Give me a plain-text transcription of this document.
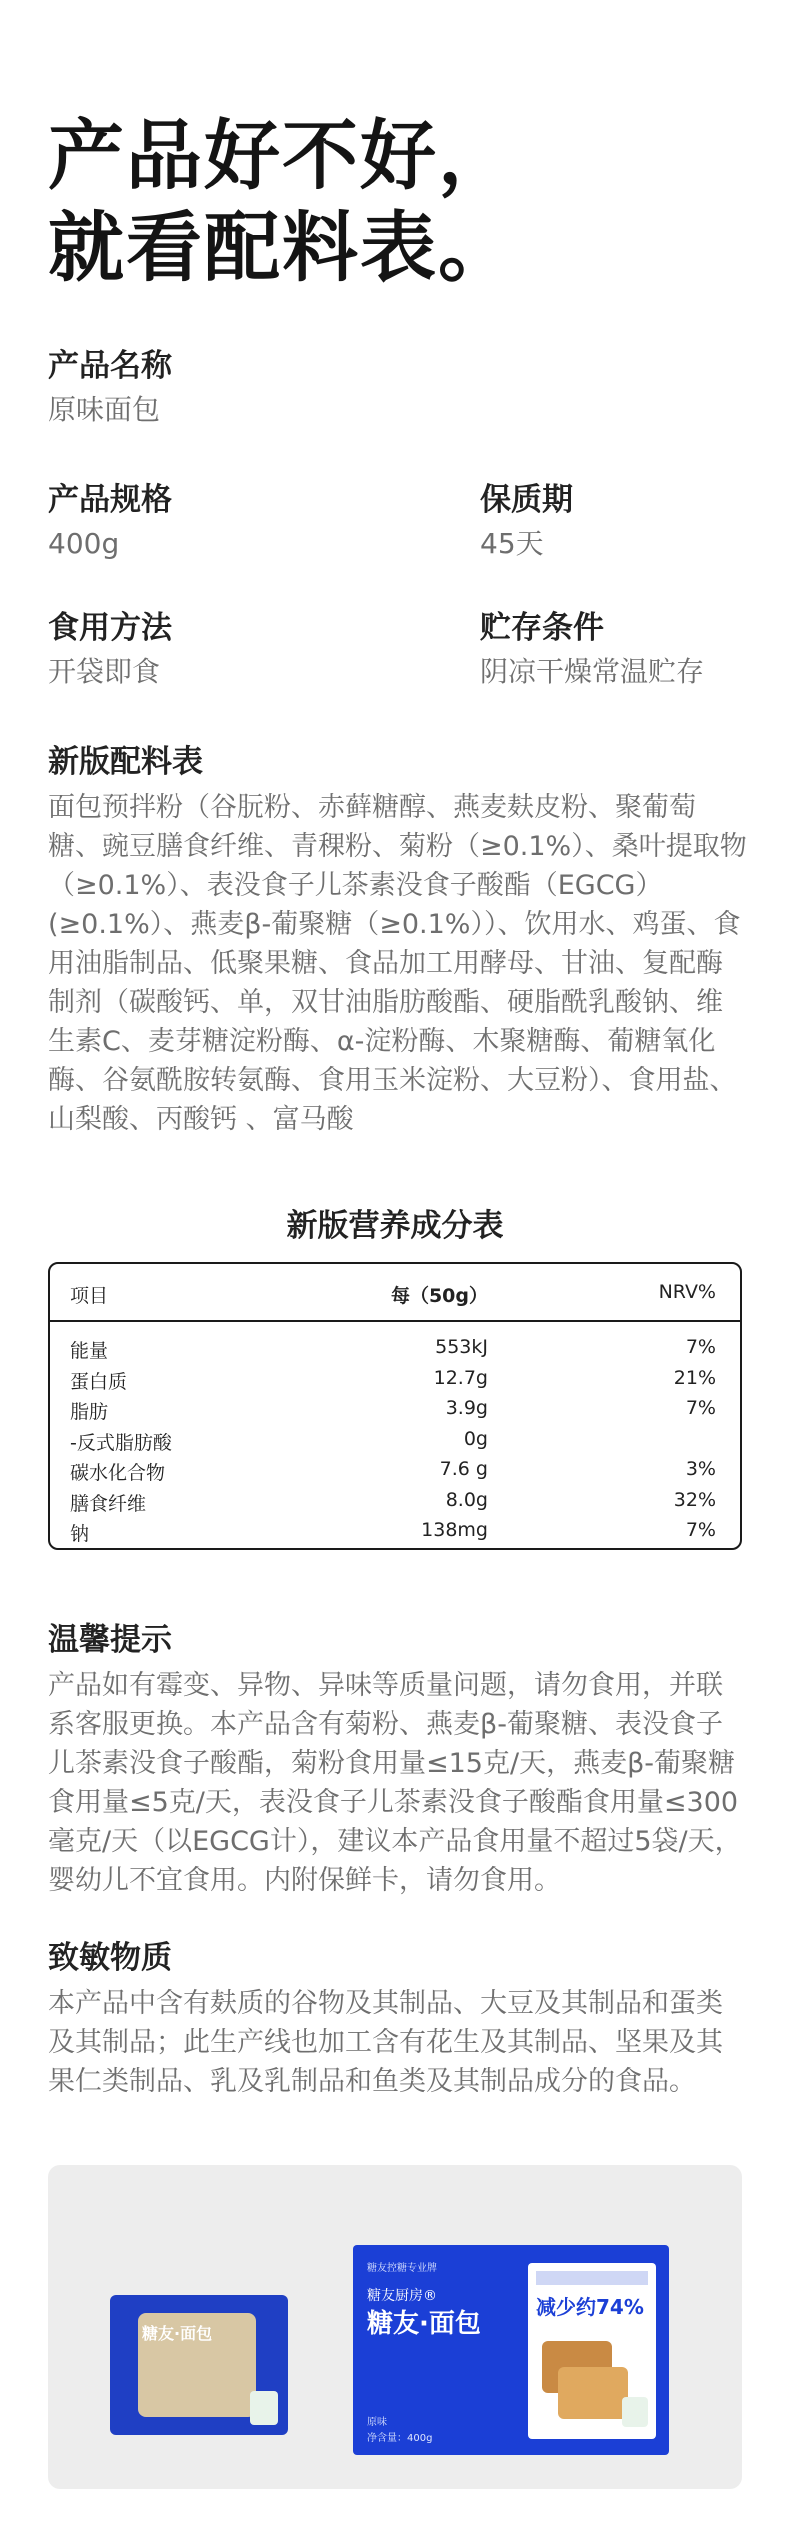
产品好不好，
就看配料表。
产品名称
原味面包
产品规格
400g
保质期
45天
食用方法
开袋即食
贮存条件
阴凉干燥常温贮存
新版配料表
面包预拌粉（谷朊粉、赤藓糖醇、燕麦麸皮粉、聚葡萄糖、豌豆膳食纤维、青稞粉、菊粉（≥0.1%）、桑叶提取物（≥0.1%）、表没食子儿茶素没食子酸酯（EGCG）(≥0.1%）、燕麦β-葡聚糖（≥0.1%））、饮用水、鸡蛋、食用油脂制品、低聚果糖、食品加工用酵母、甘油、复配酶制剂（碳酸钙、单，双甘油脂肪酸酯、硬脂酰乳酸钠、维生素C、麦芽糖淀粉酶、α-淀粉酶、木聚糖酶、葡糖氧化酶、谷氨酰胺转氨酶、食用玉米淀粉、大豆粉）、食用盐、山梨酸、丙酸钙 、富马酸
新版营养成分表
项目	每（50g）	NRV%
能量	553kJ	7%
蛋白质	12.7g	21%
脂肪	3.9g	7%
-反式脂肪酸	0g
碳水化合物	7.6 g	3%
膳食纤维	8.0g	32%
钠	138mg	7%
温馨提示
产品如有霉变、异物、异味等质量问题，请勿食用，并联系客服更换。本产品含有菊粉、燕麦β-葡聚糖、表没食子儿茶素没食子酸酯，菊粉食用量≤15克/天，燕麦β-葡聚糖食用量≤5克/天，表没食子儿茶素没食子酸酯食用量≤300毫克/天（以EGCG计），建议本产品食用量不超过5袋/天，婴幼儿不宜食用。内附保鲜卡，请勿食用。
致敏物质
本产品中含有麸质的谷物及其制品、大豆及其制品和蛋类及其制品；此生产线也加工含有花生及其制品、坚果及其果仁类制品、乳及乳制品和鱼类及其制品成分的食品。
糖友·面包
糖友控糖专业牌
糖友厨房®
糖友·面包
原味
净含量：400g
减少约74%
